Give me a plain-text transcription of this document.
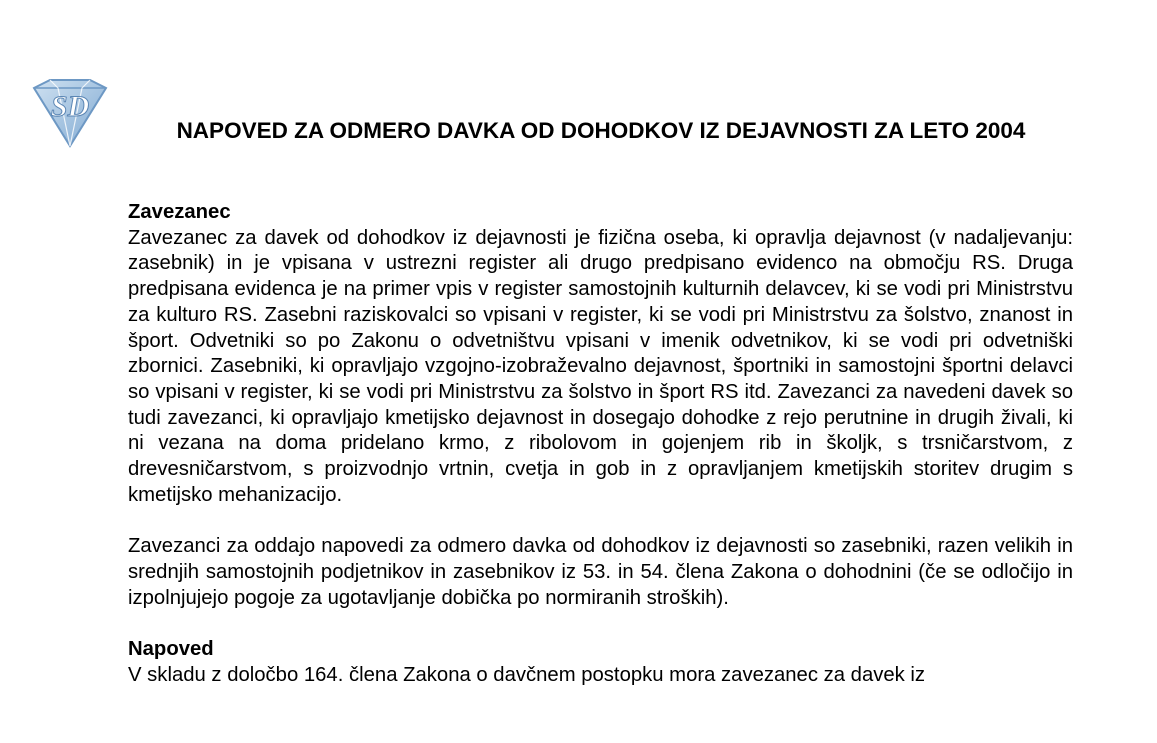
SD
NAPOVED ZA ODMERO DAVKA OD DOHODKOV IZ DEJAVNOSTI ZA LETO 2004

Zavezanec

Zavezanec za davek od dohodkov iz dejavnosti je fizična oseba, ki opravlja dejavnost (v nadaljevanju: zasebnik) in je vpisana v ustrezni register ali drugo predpisano evidenco na območju RS. Druga predpisana evidenca je na primer vpis v register samostojnih kulturnih delavcev, ki se vodi pri Ministrstvu za kulturo RS. Zasebni raziskovalci so vpisani v register, ki se vodi pri Ministrstvu za šolstvo, znanost in šport. Odvetniki so po Zakonu o odvetništvu vpisani v imenik odvetnikov, ki se vodi pri odvetniški zbornici. Zasebniki, ki opravljajo vzgojno-izobraževalno dejavnost, športniki in samostojni športni delavci so vpisani v register, ki se vodi pri Ministrstvu za šolstvo in šport RS itd. Zavezanci za navedeni davek so tudi zavezanci, ki opravljajo kmetijsko dejavnost in dosegajo dohodke z rejo perutnine in drugih živali, ki ni vezana na doma pridelano krmo, z ribolovom in gojenjem rib in školjk, s trsničarstvom, z drevesničarstvom, s proizvodnjo vrtnin, cvetja in gob in z opravljanjem kmetijskih storitev drugim s kmetijsko mehanizacijo.

Zavezanci za oddajo napovedi za odmero davka od dohodkov iz dejavnosti so zasebniki, razen velikih in srednjih samostojnih podjetnikov in zasebnikov iz 53. in 54. člena Zakona o dohodnini (če se odločijo in izpolnjujejo pogoje za ugotavljanje dobička po normiranih stroških).

Napoved

V skladu z določbo 164. člena Zakona o davčnem postopku mora zavezanec za davek iz
